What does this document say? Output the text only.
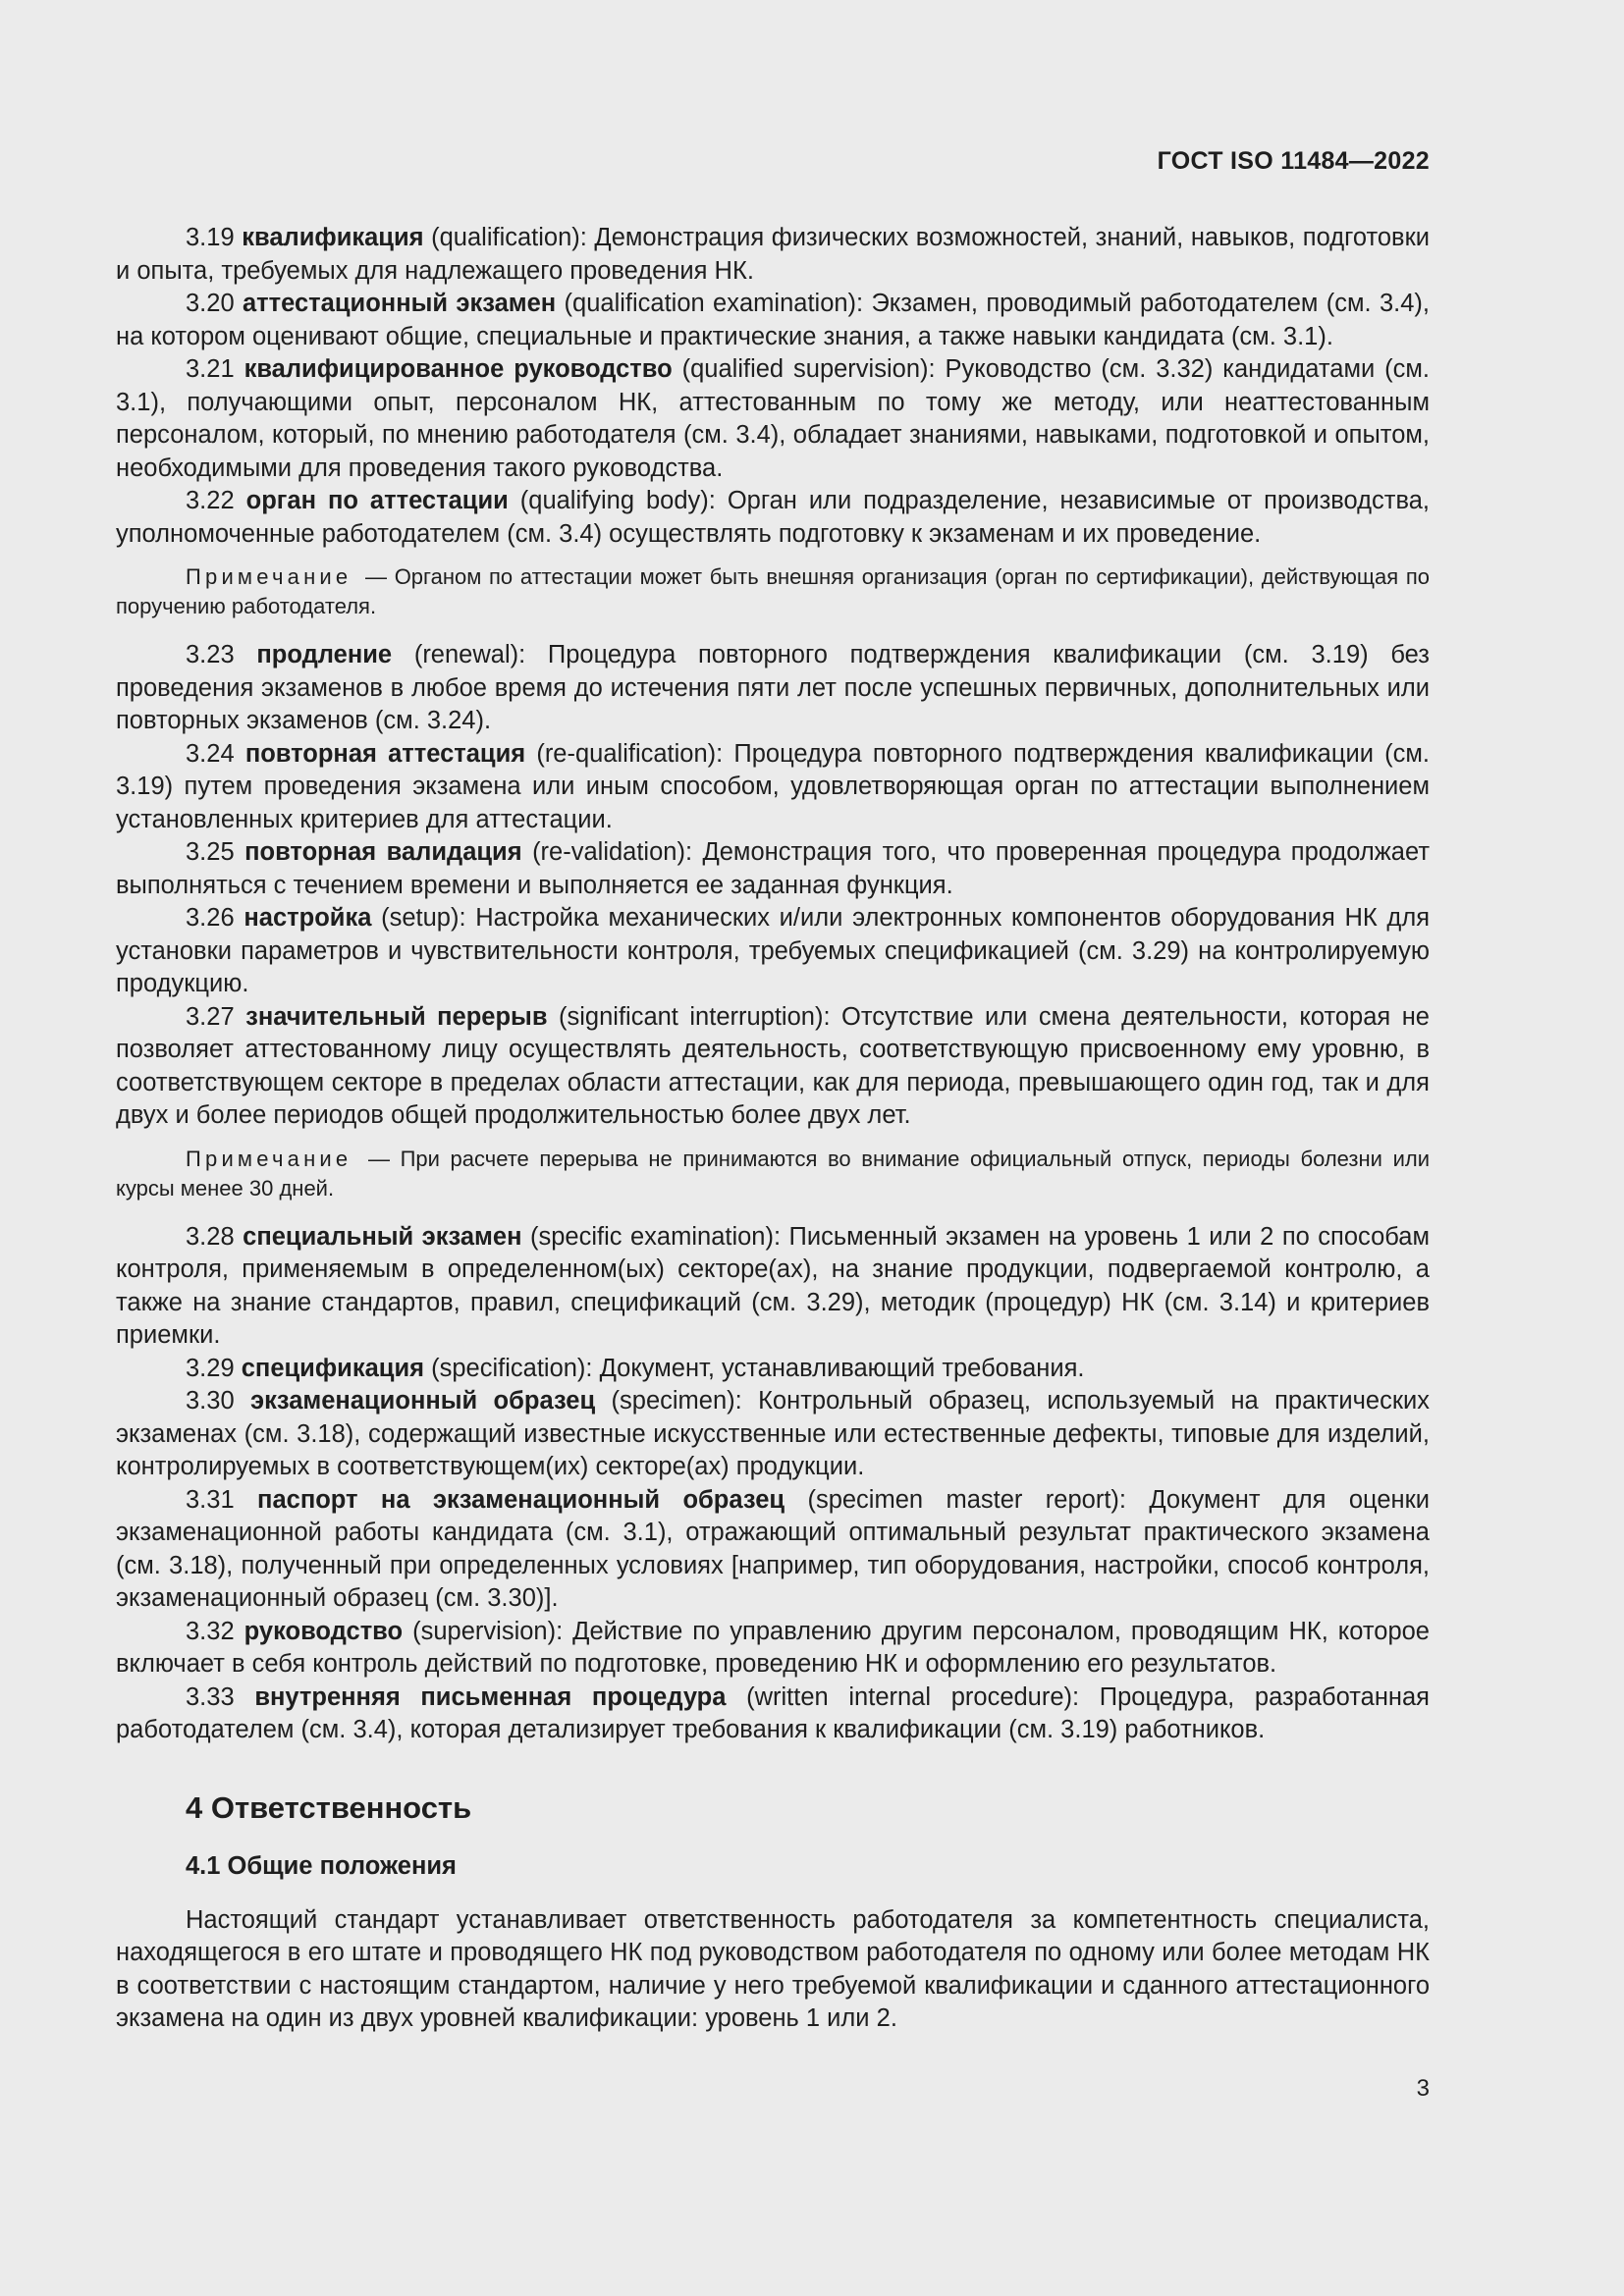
ГОСТ ISO 11484—2022

3.19 квалификация (qualification): Демонстрация физических возможностей, знаний, навыков, подготовки и опыта, требуемых для надлежащего проведения НК.

3.20 аттестационный экзамен (qualification examination): Экзамен, проводимый работодателем (см. 3.4), на котором оценивают общие, специальные и практические знания, а также навыки кандидата (см. 3.1).

3.21 квалифицированное руководство (qualified supervision): Руководство (см. 3.32) кандидатами (см. 3.1), получающими опыт, персоналом НК, аттестованным по тому же методу, или неаттестованным персоналом, который, по мнению работодателя (см. 3.4), обладает знаниями, навыками, подготовкой и опытом, необходимыми для проведения такого руководства.

3.22 орган по аттестации (qualifying body): Орган или подразделение, независимые от производства, уполномоченные работодателем (см. 3.4) осуществлять подготовку к экзаменам и их проведение.

Примечание — Органом по аттестации может быть внешняя организация (орган по сертификации), действующая по поручению работодателя.

3.23 продление (renewal): Процедура повторного подтверждения квалификации (см. 3.19) без проведения экзаменов в любое время до истечения пяти лет после успешных первичных, дополнительных или повторных экзаменов (см. 3.24).

3.24 повторная аттестация (re-qualification): Процедура повторного подтверждения квалификации (см. 3.19) путем проведения экзамена или иным способом, удовлетворяющая орган по аттестации выполнением установленных критериев для аттестации.

3.25 повторная валидация (re-validation): Демонстрация того, что проверенная процедура продолжает выполняться с течением времени и выполняется ее заданная функция.

3.26 настройка (setup): Настройка механических и/или электронных компонентов оборудования НК для установки параметров и чувствительности контроля, требуемых спецификацией (см. 3.29) на контролируемую продукцию.

3.27 значительный перерыв (significant interruption): Отсутствие или смена деятельности, которая не позволяет аттестованному лицу осуществлять деятельность, соответствующую присвоенному ему уровню, в соответствующем секторе в пределах области аттестации, как для периода, превышающего один год, так и для двух и более периодов общей продолжительностью более двух лет.

Примечание — При расчете перерыва не принимаются во внимание официальный отпуск, периоды болезни или курсы менее 30 дней.

3.28 специальный экзамен (specific examination): Письменный экзамен на уровень 1 или 2 по способам контроля, применяемым в определенном(ых) секторе(ах), на знание продукции, подвергаемой контролю, а также на знание стандартов, правил, спецификаций (см. 3.29), методик (процедур) НК (см. 3.14) и критериев приемки.

3.29 спецификация (specification): Документ, устанавливающий требования.

3.30 экзаменационный образец (specimen): Контрольный образец, используемый на практических экзаменах (см. 3.18), содержащий известные искусственные или естественные дефекты, типовые для изделий, контролируемых в соответствующем(их) секторе(ах) продукции.

3.31 паспорт на экзаменационный образец (specimen master report): Документ для оценки экзаменационной работы кандидата (см. 3.1), отражающий оптимальный результат практического экзамена (см. 3.18), полученный при определенных условиях [например, тип оборудования, настройки, способ контроля, экзаменационный образец (см. 3.30)].

3.32 руководство (supervision): Действие по управлению другим персоналом, проводящим НК, которое включает в себя контроль действий по подготовке, проведению НК и оформлению его результатов.

3.33 внутренняя письменная процедура (written internal procedure): Процедура, разработанная работодателем (см. 3.4), которая детализирует требования к квалификации (см. 3.19) работников.

4 Ответственность
4.1 Общие положения

Настоящий стандарт устанавливает ответственность работодателя за компетентность специалиста, находящегося в его штате и проводящего НК под руководством работодателя по одному или более методам НК в соответствии с настоящим стандартом, наличие у него требуемой квалификации и сданного аттестационного экзамена на один из двух уровней квалификации: уровень 1 или 2.

3
